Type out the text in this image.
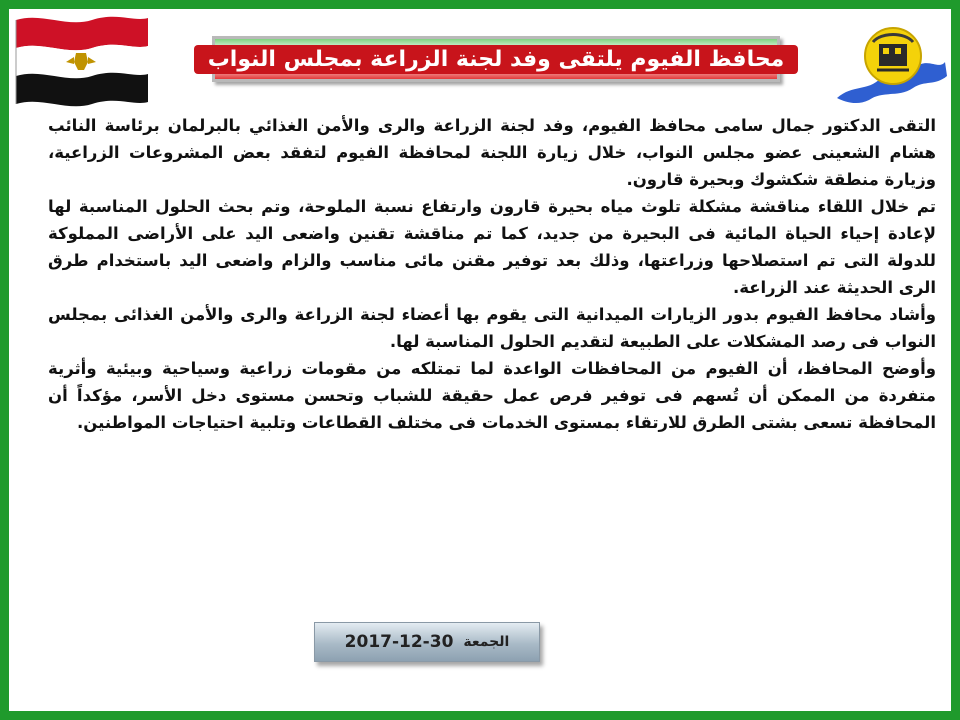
محافظ الفيوم يلتقى وفد لجنة الزراعة بمجلس النواب

التقى الدكتور جمال سامى محافظ الفيوم، وفد لجنة الزراعة والرى والأمن الغذائي بالبرلمان برئاسة النائب هشام الشعينى عضو مجلس النواب، خلال زيارة اللجنة لمحافظة الفيوم لتفقد بعض المشروعات الزراعية، وزيارة منطقة شكشوك وبحيرة قارون.

تم خلال اللقاء مناقشة مشكلة تلوث مياه بحيرة قارون وارتفاع نسبة الملوحة، وتم بحث الحلول المناسبة لها لإعادة إحياء الحياة المائية فى البحيرة من جديد، كما تم مناقشة تقنين واضعى اليد على الأراضى المملوكة للدولة التى تم استصلاحها وزراعتها، وذلك بعد توفير مقنن مائى مناسب والزام واضعى اليد باستخدام طرق الرى الحديثة عند الزراعة.

وأشاد محافظ الفيوم بدور الزيارات الميدانية التى يقوم بها أعضاء لجنة الزراعة والرى والأمن الغذائى بمجلس النواب فى رصد المشكلات على الطبيعة لتقديم الحلول المناسبة لها.

وأوضح المحافظ، أن الفيوم من المحافظات الواعدة لما تمتلكه من مقومات زراعية وسياحية وبيئية وأثرية متفردة من الممكن أن تُسهم فى توفير فرص عمل حقيقة للشباب وتحسن مستوى دخل الأسر، مؤكداً أن المحافظة تسعى بشتى الطرق للارتقاء بمستوى الخدمات فى مختلف القطاعات وتلبية احتياجات المواطنين.

الجمعة
2017-12-30
